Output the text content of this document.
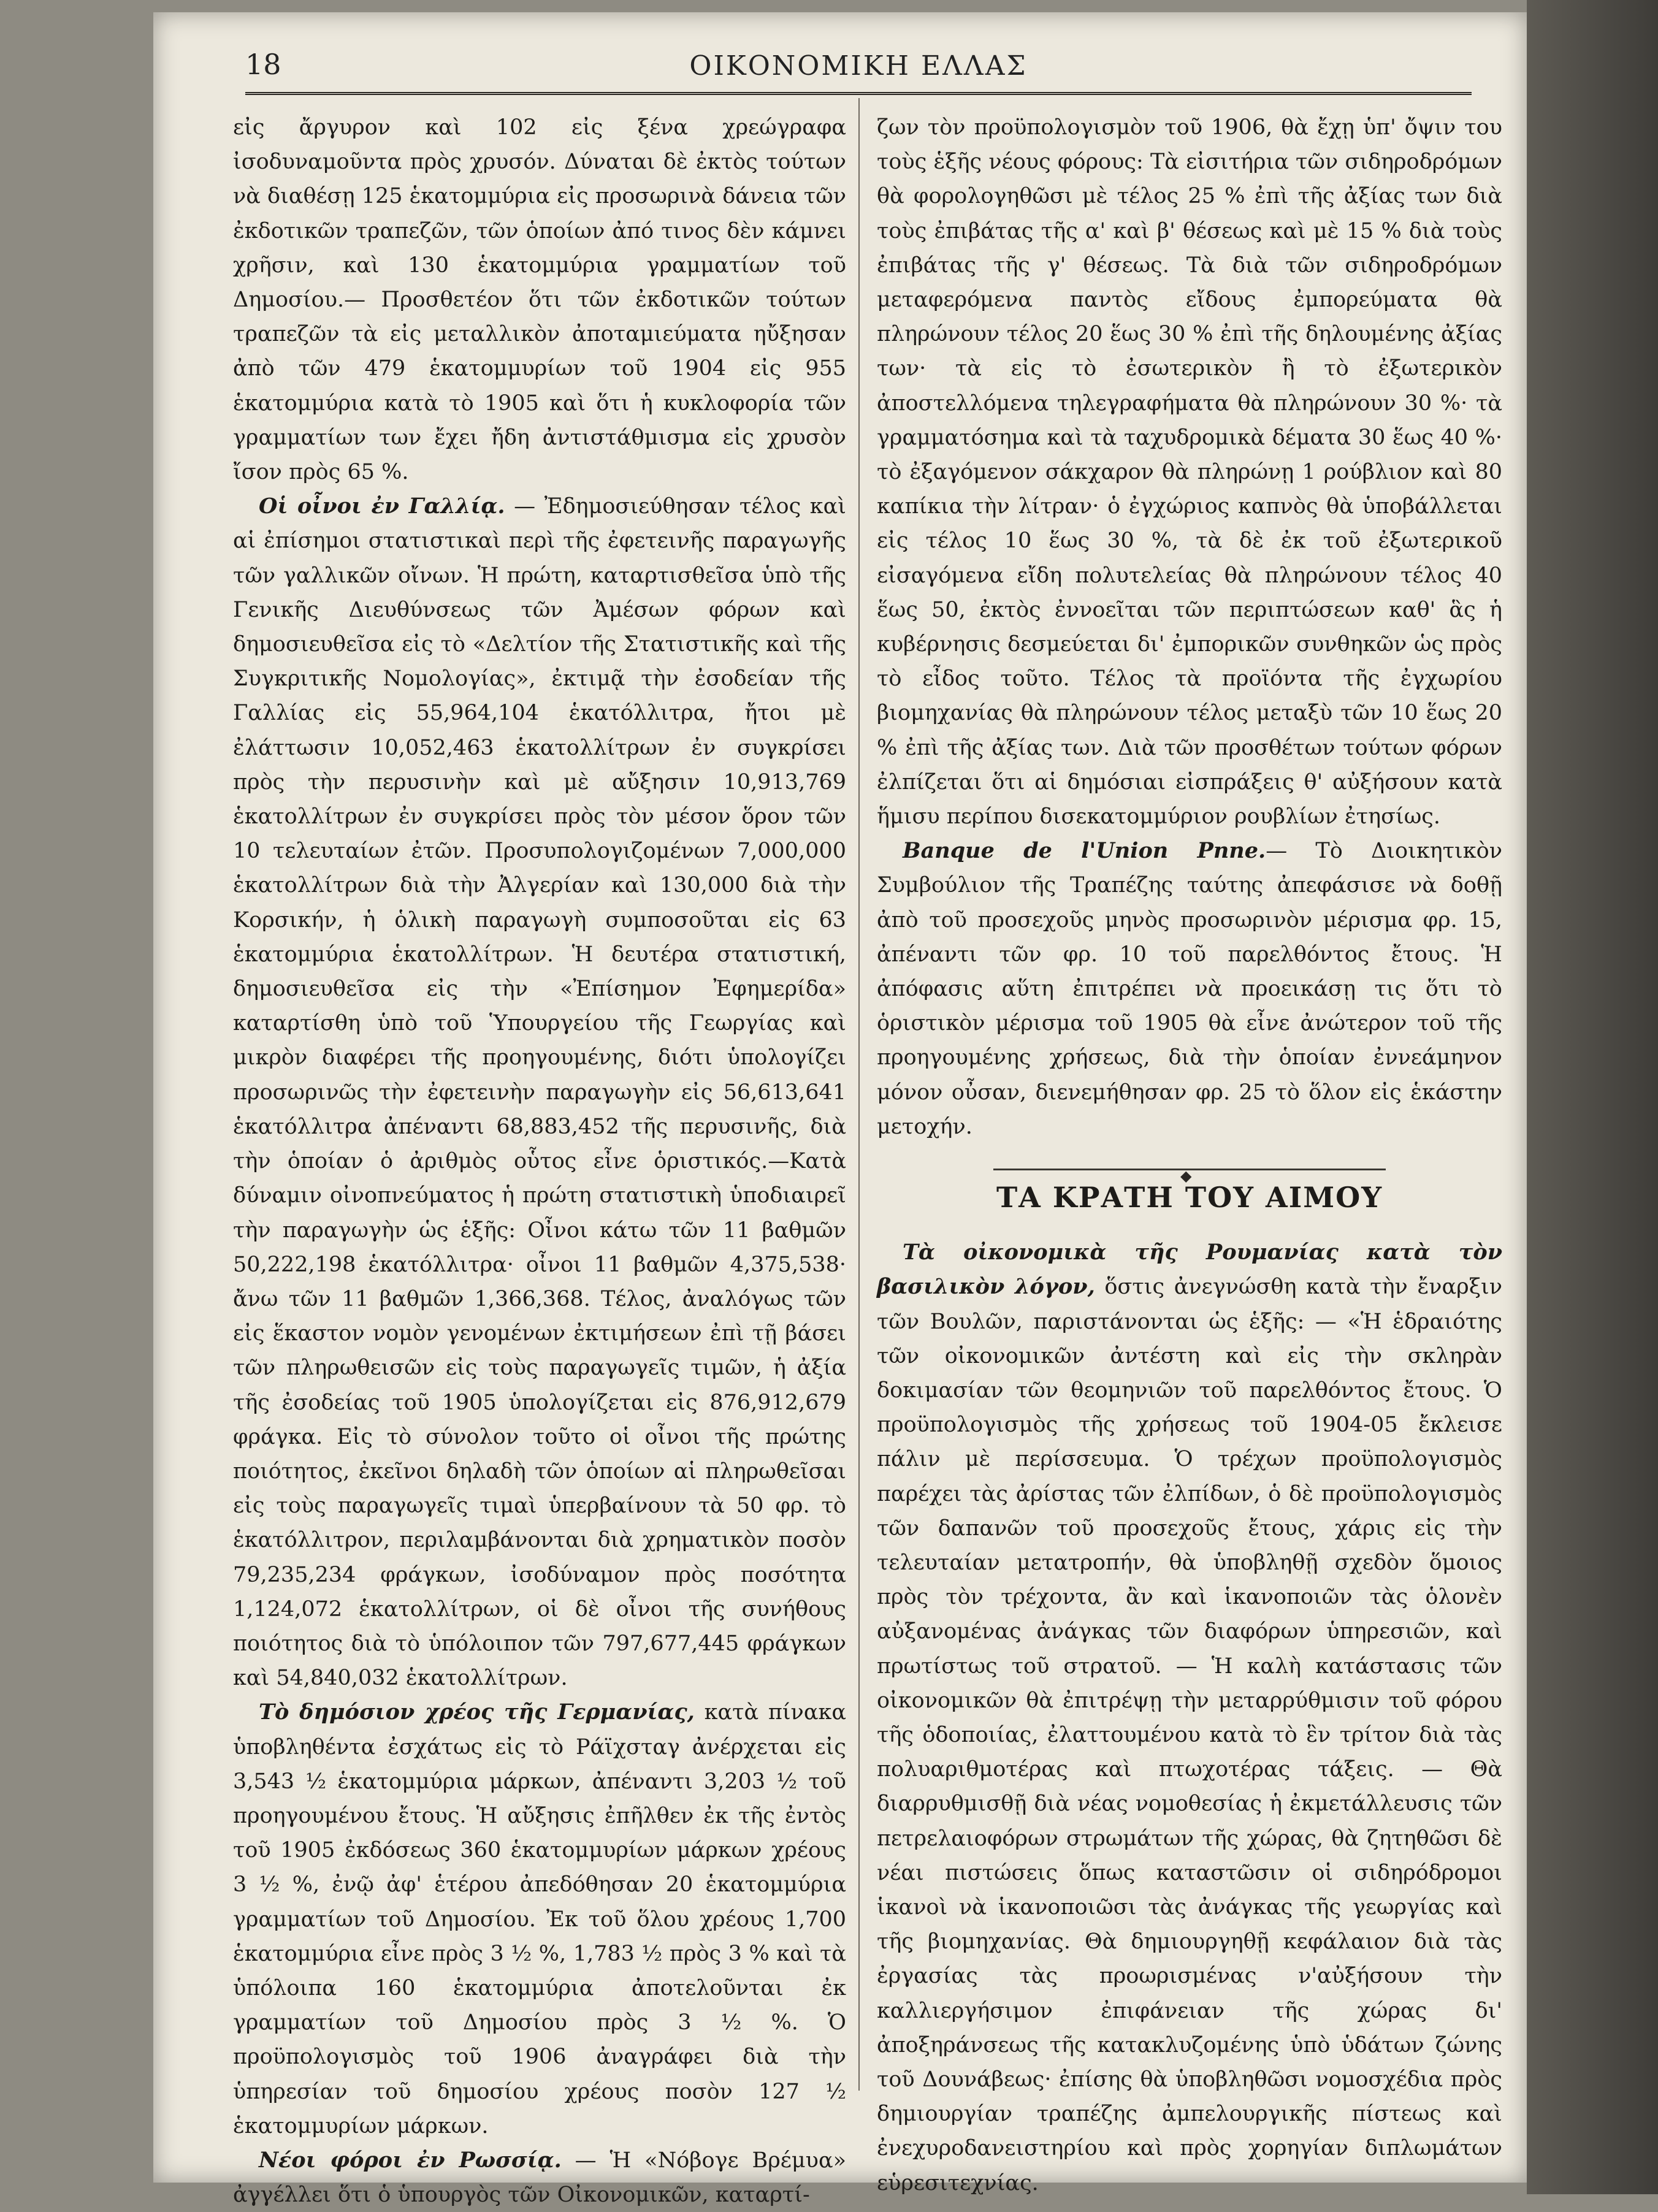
18	ΟΙΚΟΝΟΜΙΚΗ ΕΛΛΑΣ

εἰς ἄργυρον καὶ 102 εἰς ξένα χρεώγραφα ἰσοδυναμοῦντα πρὸς χρυσόν. Δύναται δὲ ἐκτὸς τούτων νὰ διαθέσῃ 125 ἑκατομμύρια εἰς προσωρινὰ δάνεια τῶν ἐκδοτικῶν τραπεζῶν, τῶν ὁποίων ἀπό τινος δὲν κάμνει χρῆσιν, καὶ 130 ἑκατομμύρια γραμματίων τοῦ Δημοσίου.— Προσθετέον ὅτι τῶν ἐκδοτικῶν τούτων τραπεζῶν τὰ εἰς μεταλλικὸν ἀποταμιεύματα ηὔξησαν ἀπὸ τῶν 479 ἑκατομμυρίων τοῦ 1904 εἰς 955 ἑκατομμύρια κατὰ τὸ 1905 καὶ ὅτι ἡ κυκλοφορία τῶν γραμματίων των ἔχει ἤδη ἀντιστάθμισμα εἰς χρυσὸν ἴσον πρὸς 65 %.

Οἱ οἶνοι ἐν Γαλλίᾳ. — Ἐδημοσιεύθησαν τέλος καὶ αἱ ἐπίσημοι στατιστικαὶ περὶ τῆς ἐφετεινῆς παραγωγῆς τῶν γαλλικῶν οἴνων. Ἡ πρώτη, καταρτισθεῖσα ὑπὸ τῆς Γενικῆς Διευθύνσεως τῶν Ἀμέσων φόρων καὶ δημοσιευθεῖσα εἰς τὸ «Δελτίον τῆς Στατιστικῆς καὶ τῆς Συγκριτικῆς Νομολογίας», ἐκτιμᾷ τὴν ἐσοδείαν τῆς Γαλλίας εἰς 55,964,104 ἑκατόλλιτρα, ἤτοι μὲ ἐλάττωσιν 10,052,463 ἑκατολλίτρων ἐν συγκρίσει πρὸς τὴν περυσινὴν καὶ μὲ αὔξησιν 10,913,769 ἑκατολλίτρων ἐν συγκρίσει πρὸς τὸν μέσον ὅρον τῶν 10 τελευταίων ἐτῶν. Προσυπολογιζομένων 7,000,000 ἑκατολλίτρων διὰ τὴν Ἀλγερίαν καὶ 130,000 διὰ τὴν Κορσικήν, ἡ ὁλικὴ παραγωγὴ συμποσοῦται εἰς 63 ἑκατομμύρια ἑκατολλίτρων. Ἡ δευτέρα στατιστική, δημοσιευθεῖσα εἰς τὴν «Ἐπίσημον Ἐφημερίδα» καταρτίσθη ὑπὸ τοῦ Ὑπουργείου τῆς Γεωργίας καὶ μικρὸν διαφέρει τῆς προηγουμένης, διότι ὑπολογίζει προσωρινῶς τὴν ἐφετεινὴν παραγωγὴν εἰς 56,613,641 ἑκατόλλιτρα ἀπέναντι 68,883,452 τῆς περυσινῆς, διὰ τὴν ὁποίαν ὁ ἀριθμὸς οὗτος εἶνε ὁριστικός.—Κατὰ δύναμιν οἰνοπνεύματος ἡ πρώτη στατιστικὴ ὑποδιαιρεῖ τὴν παραγωγὴν ὡς ἑξῆς: Οἶνοι κάτω τῶν 11 βαθμῶν 50,222,198 ἑκατόλλιτρα· οἶνοι 11 βαθμῶν 4,375,538· ἄνω τῶν 11 βαθμῶν 1,366,368. Τέλος, ἀναλόγως τῶν εἰς ἕκαστον νομὸν γενομένων ἐκτιμήσεων ἐπὶ τῇ βάσει τῶν πληρωθεισῶν εἰς τοὺς παραγωγεῖς τιμῶν, ἡ ἀξία τῆς ἐσοδείας τοῦ 1905 ὑπολογίζεται εἰς 876,912,679 φράγκα. Εἰς τὸ σύνολον τοῦτο οἱ οἶνοι τῆς πρώτης ποιότητος, ἐκεῖνοι δηλαδὴ τῶν ὁποίων αἱ πληρωθεῖσαι εἰς τοὺς παραγωγεῖς τιμαὶ ὑπερβαίνουν τὰ 50 φρ. τὸ ἑκατόλλιτρον, περιλαμβάνονται διὰ χρηματικὸν ποσὸν 79,235,234 φράγκων, ἰσοδύναμον πρὸς ποσότητα 1,124,072 ἑκατολλίτρων, οἱ δὲ οἶνοι τῆς συνήθους ποιότητος διὰ τὸ ὑπόλοιπον τῶν 797,677,445 φράγκων καὶ 54,840,032 ἑκατολλίτρων.

Τὸ δημόσιον χρέος τῆς Γερμανίας, κατὰ πίνακα ὑποβληθέντα ἐσχάτως εἰς τὸ Ράϊχσταγ ἀνέρχεται εἰς 3,543 ½ ἑκατομμύρια μάρκων, ἀπέναντι 3,203 ½ τοῦ προηγουμένου ἔτους. Ἡ αὔξησις ἐπῆλθεν ἐκ τῆς ἐντὸς τοῦ 1905 ἐκδόσεως 360 ἑκατομμυρίων μάρκων χρέους 3 ½ %, ἐνῷ ἀφ' ἑτέρου ἀπεδόθησαν 20 ἑκατομμύρια γραμματίων τοῦ Δημοσίου. Ἐκ τοῦ ὅλου χρέους 1,700 ἑκατομμύρια εἶνε πρὸς 3 ½ %, 1,783 ½ πρὸς 3 % καὶ τὰ ὑπόλοιπα 160 ἑκατομμύρια ἀποτελοῦνται ἐκ γραμματίων τοῦ Δημοσίου πρὸς 3 ½ %. Ὁ προϋπολογισμὸς τοῦ 1906 ἀναγράφει διὰ τὴν ὑπηρεσίαν τοῦ δημοσίου χρέους ποσὸν 127 ½ ἑκατομμυρίων μάρκων.

Νέοι φόροι ἐν Ρωσσίᾳ. — Ἡ «Νόβογε Βρέμυα» ἀγγέλλει ὅτι ὁ ὑπουργὸς τῶν Οἰκονομικῶν, καταρτί-

ζων τὸν προϋπολογισμὸν τοῦ 1906, θὰ ἔχῃ ὑπ' ὄψιν του τοὺς ἑξῆς νέους φόρους: Τὰ εἰσιτήρια τῶν σιδηροδρόμων θὰ φορολογηθῶσι μὲ τέλος 25 % ἐπὶ τῆς ἀξίας των διὰ τοὺς ἐπιβάτας τῆς α' καὶ β' θέσεως καὶ μὲ 15 % διὰ τοὺς ἐπιβάτας τῆς γ' θέσεως. Τὰ διὰ τῶν σιδηροδρόμων μεταφερόμενα παντὸς εἴδους ἐμπορεύματα θὰ πληρώνουν τέλος 20 ἕως 30 % ἐπὶ τῆς δηλουμένης ἀξίας των· τὰ εἰς τὸ ἐσωτερικὸν ἢ τὸ ἐξωτερικὸν ἀποστελλόμενα τηλεγραφήματα θὰ πληρώνουν 30 %· τὰ γραμματόσημα καὶ τὰ ταχυδρομικὰ δέματα 30 ἕως 40 %· τὸ ἐξαγόμενον σάκχαρον θὰ πληρώνῃ 1 ρούβλιον καὶ 80 καπίκια τὴν λίτραν· ὁ ἐγχώριος καπνὸς θὰ ὑποβάλλεται εἰς τέλος 10 ἕως 30 %, τὰ δὲ ἐκ τοῦ ἐξωτερικοῦ εἰσαγόμενα εἴδη πολυτελείας θὰ πληρώνουν τέλος 40 ἕως 50, ἐκτὸς ἐννοεῖται τῶν περιπτώσεων καθ' ἃς ἡ κυβέρνησις δεσμεύεται δι' ἐμπορικῶν συνθηκῶν ὡς πρὸς τὸ εἶδος τοῦτο. Τέλος τὰ προϊόντα τῆς ἐγχωρίου βιομηχανίας θὰ πληρώνουν τέλος μεταξὺ τῶν 10 ἕως 20 % ἐπὶ τῆς ἀξίας των. Διὰ τῶν προσθέτων τούτων φόρων ἐλπίζεται ὅτι αἱ δημόσιαι εἰσπράξεις θ' αὐξήσουν κατὰ ἥμισυ περίπου δισεκατομμύριον ρουβλίων ἐτησίως.

Banque de l'Union Pnne.— Τὸ Διοικητικὸν Συμβούλιον τῆς Τραπέζης ταύτης ἀπεφάσισε νὰ δοθῇ ἀπὸ τοῦ προσεχοῦς μηνὸς προσωρινὸν μέρισμα φρ. 15, ἀπέναντι τῶν φρ. 10 τοῦ παρελθόντος ἔτους. Ἡ ἀπόφασις αὕτη ἐπιτρέπει νὰ προεικάσῃ τις ὅτι τὸ ὁριστικὸν μέρισμα τοῦ 1905 θὰ εἶνε ἀνώτερον τοῦ τῆς προηγουμένης χρήσεως, διὰ τὴν ὁποίαν ἐννεάμηνον μόνον οὖσαν, διενεμήθησαν φρ. 25 τὸ ὅλον εἰς ἑκάστην μετοχήν.

◆
ΤΑ ΚΡΑΤΗ ΤΟΥ ΑΙΜΟΥ

Τὰ οἰκονομικὰ τῆς Ρουμανίας κατὰ τὸν βασιλικὸν λόγον, ὅστις ἀνεγνώσθη κατὰ τὴν ἔναρξιν τῶν Βουλῶν, παριστάνονται ὡς ἑξῆς: — «Ἡ ἑδραιότης τῶν οἰκονομικῶν ἀντέστη καὶ εἰς τὴν σκληρὰν δοκιμασίαν τῶν θεομηνιῶν τοῦ παρελθόντος ἔτους. Ὁ προϋπολογισμὸς τῆς χρήσεως τοῦ 1904-05 ἔκλεισε πάλιν μὲ περίσσευμα. Ὁ τρέχων προϋπολογισμὸς παρέχει τὰς ἀρίστας τῶν ἐλπίδων, ὁ δὲ προϋπολογισμὸς τῶν δαπανῶν τοῦ προσεχοῦς ἔτους, χάρις εἰς τὴν τελευταίαν μετατροπήν, θὰ ὑποβληθῇ σχεδὸν ὅμοιος πρὸς τὸν τρέχοντα, ἂν καὶ ἱκανοποιῶν τὰς ὁλονὲν αὐξανομένας ἀνάγκας τῶν διαφόρων ὑπηρεσιῶν, καὶ πρωτίστως τοῦ στρατοῦ. — Ἡ καλὴ κατάστασις τῶν οἰκονομικῶν θὰ ἐπιτρέψῃ τὴν μεταρρύθμισιν τοῦ φόρου τῆς ὁδοποιίας, ἐλαττουμένου κατὰ τὸ ἓν τρίτον διὰ τὰς πολυαριθμοτέρας καὶ πτωχοτέρας τάξεις. — Θὰ διαρρυθμισθῇ διὰ νέας νομοθεσίας ἡ ἐκμετάλλευσις τῶν πετρελαιοφόρων στρωμάτων τῆς χώρας, θὰ ζητηθῶσι δὲ νέαι πιστώσεις ὅπως καταστῶσιν οἱ σιδηρόδρομοι ἱκανοὶ νὰ ἱκανοποιῶσι τὰς ἀνάγκας τῆς γεωργίας καὶ τῆς βιομηχανίας. Θὰ δημιουργηθῇ κεφάλαιον διὰ τὰς ἐργασίας τὰς προωρισμένας ν'αὐξήσουν τὴν καλλιεργήσιμον ἐπιφάνειαν τῆς χώρας δι' ἀποξηράνσεως τῆς κατακλυζομένης ὑπὸ ὑδάτων ζώνης τοῦ Δουνάβεως· ἐπίσης θὰ ὑποβληθῶσι νομοσχέδια πρὸς δημιουργίαν τραπέζης ἀμπελουργικῆς πίστεως καὶ ἐνεχυροδανειστηρίου καὶ πρὸς χορηγίαν διπλωμάτων εὑρεσιτεχνίας.
